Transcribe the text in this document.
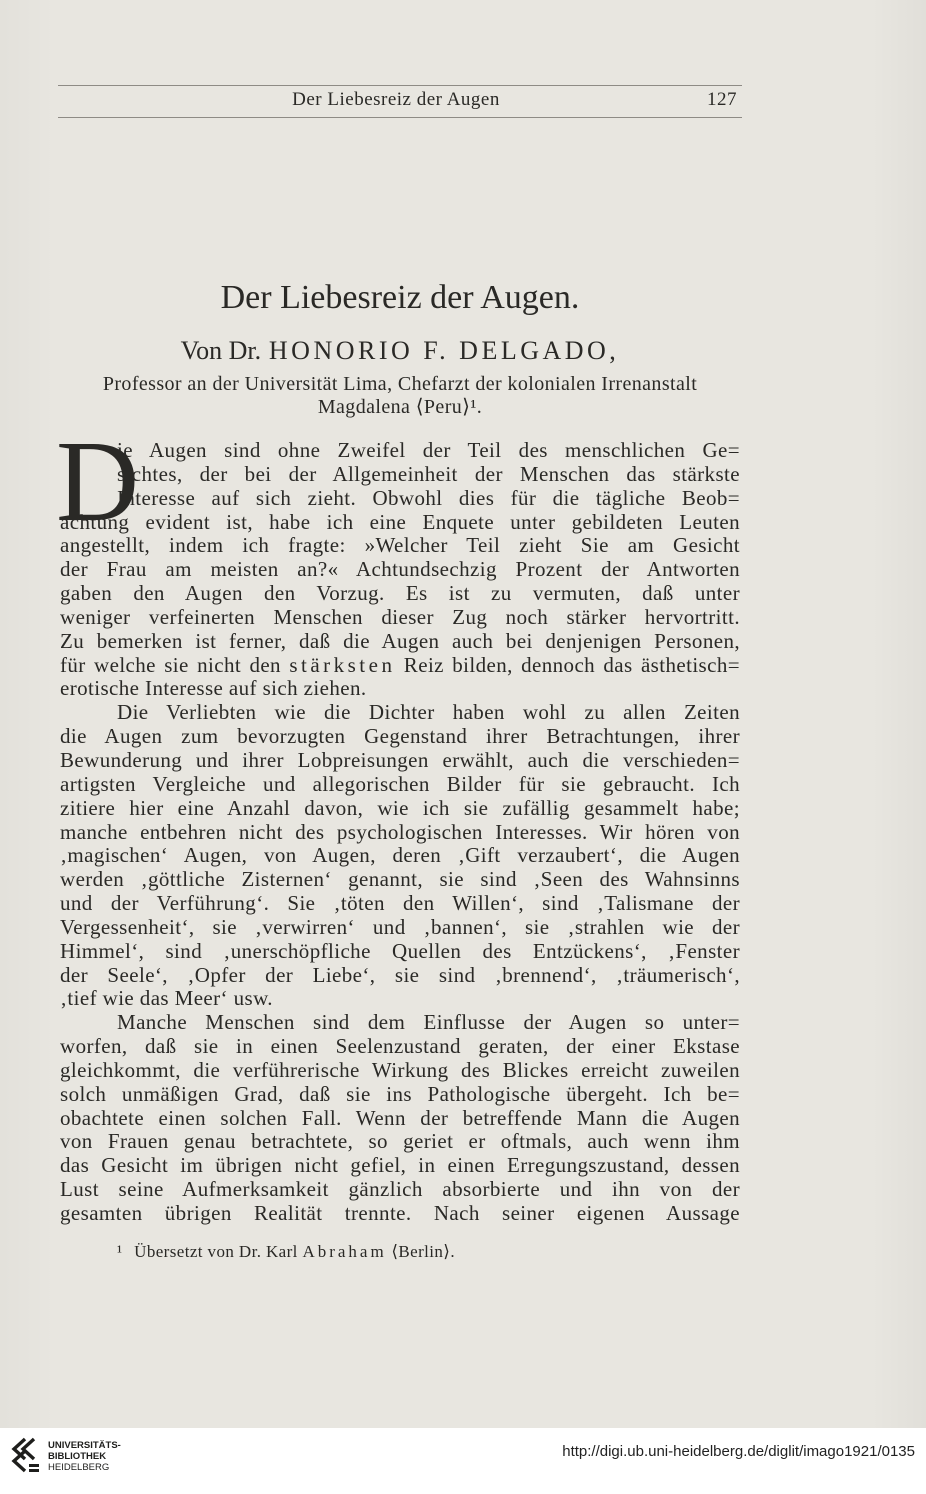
Der Liebesreiz der Augen	127
Der Liebesreiz der Augen.
Von Dr. HONORIO F. DELGADO,
Professor an der Universität Lima, Chefarzt der kolonialen Irrenanstalt
Magdalena ⟨Peru⟩¹.
D
ie Augen sind ohne Zweifel der Teil des menschlichen Ge=
sichtes, der bei der Allgemeinheit der Menschen das stärkste
Interesse auf sich zieht. Obwohl dies für die tägliche Beob=
achtung evident ist, habe ich eine Enquete unter gebildeten Leuten
angestellt, indem ich fragte: »Welcher Teil zieht Sie am Gesicht
der Frau am meisten an?« Achtundsechzig Prozent der Antworten
gaben den Augen den Vorzug. Es ist zu vermuten, daß unter
weniger verfeinerten Menschen dieser Zug noch stärker hervortritt.
Zu bemerken ist ferner, daß die Augen auch bei denjenigen Personen,
für welche sie nicht den stärksten Reiz bilden, dennoch das ästhetisch=
erotische Interesse auf sich ziehen.
Die Verliebten wie die Dichter haben wohl zu allen Zeiten
die Augen zum bevorzugten Gegenstand ihrer Betrachtungen, ihrer
Bewunderung und ihrer Lobpreisungen erwählt, auch die verschieden=
artigsten Vergleiche und allegorischen Bilder für sie gebraucht. Ich
zitiere hier eine Anzahl davon, wie ich sie zufällig gesammelt habe;
manche entbehren nicht des psychologischen Interesses. Wir hören von
‚magischen‘ Augen, von Augen, deren ‚Gift verzaubert‘, die Augen
werden ‚göttliche Zisternen‘ genannt, sie sind ‚Seen des Wahnsinns
und der Verführung‘. Sie ‚töten den Willen‘, sind ‚Talismane der
Vergessenheit‘, sie ‚verwirren‘ und ‚bannen‘, sie ‚strahlen wie der
Himmel‘, sind ‚unerschöpfliche Quellen des Entzückens‘, ‚Fenster
der Seele‘, ‚Opfer der Liebe‘, sie sind ‚brennend‘, ‚träumerisch‘,
‚tief wie das Meer‘ usw.
Manche Menschen sind dem Einflusse der Augen so unter=
worfen, daß sie in einen Seelenzustand geraten, der einer Ekstase
gleichkommt, die verführerische Wirkung des Blickes erreicht zuweilen
solch unmäßigen Grad, daß sie ins Pathologische übergeht. Ich be=
obachtete einen solchen Fall. Wenn der betreffende Mann die Augen
von Frauen genau betrachtete, so geriet er oftmals, auch wenn ihm
das Gesicht im übrigen nicht gefiel, in einen Erregungszustand, dessen
Lust seine Aufmerksamkeit gänzlich absorbierte und ihn von der
gesamten übrigen Realität trennte. Nach seiner eigenen Aussage
¹ Übersetzt von Dr. Karl Abraham ⟨Berlin⟩.
UNIVERSITÄTS-
BIBLIOTHEK
HEIDELBERG
http://digi.ub.uni-heidelberg.de/diglit/imago1921/0135
